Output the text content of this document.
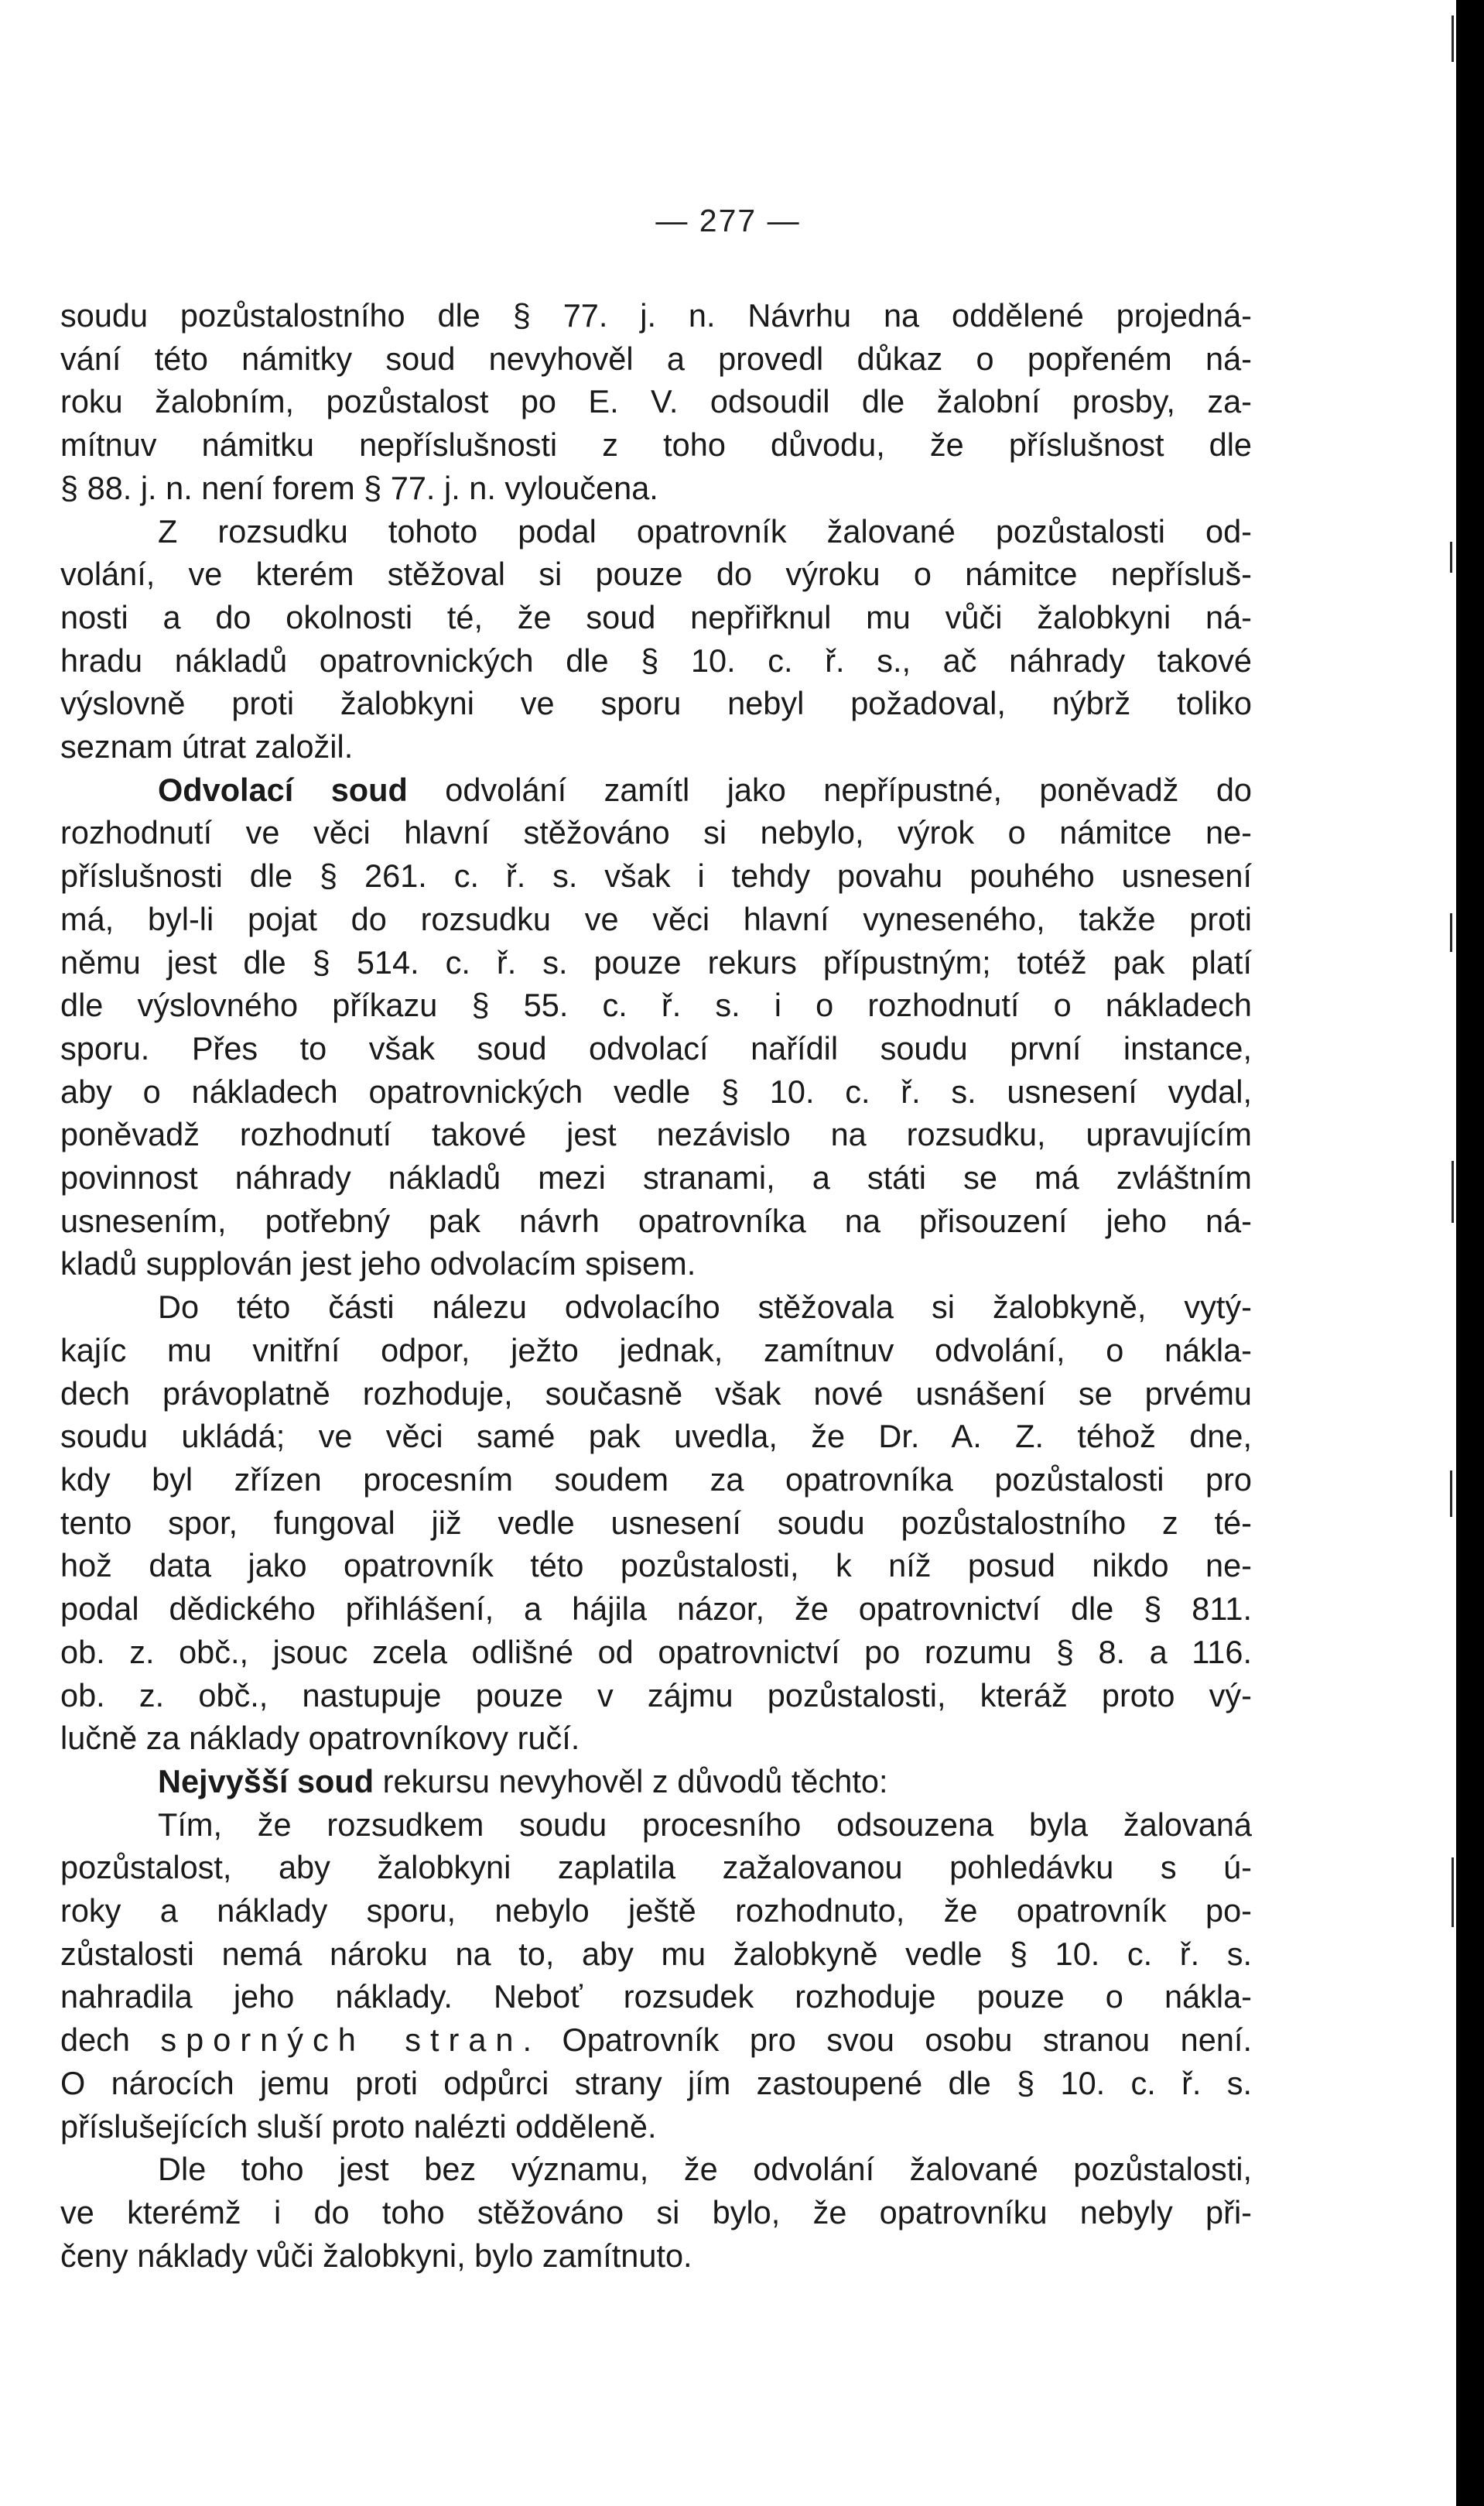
— 277 —
soudu pozůstalostního dle § 77. j. n. Návrhu na oddělené projedná-
vání této námitky soud nevyhověl a provedl důkaz o popřeném ná-
roku žalobním, pozůstalost po E. V. odsoudil dle žalobní prosby, za-
mítnuv námitku nepříslušnosti z toho důvodu, že příslušnost dle
§ 88. j. n. není forem § 77. j. n. vyloučena.
Z rozsudku tohoto podal opatrovník žalované pozůstalosti od-
volání, ve kterém stěžoval si pouze do výroku o námitce nepřísluš-
nosti a do okolnosti té, že soud nepřiřknul mu vůči žalobkyni ná-
hradu nákladů opatrovnických dle § 10. c. ř. s., ač náhrady takové
výslovně proti žalobkyni ve sporu nebyl požadoval, nýbrž toliko
seznam útrat založil.
Odvolací soud odvolání zamítl jako nepřípustné, poněvadž do
rozhodnutí ve věci hlavní stěžováno si nebylo, výrok o námitce ne-
příslušnosti dle § 261. c. ř. s. však i tehdy povahu pouhého usnesení
má, byl-li pojat do rozsudku ve věci hlavní vyneseného, takže proti
němu jest dle § 514. c. ř. s. pouze rekurs přípustným; totéž pak platí
dle výslovného příkazu § 55. c. ř. s. i o rozhodnutí o nákladech
sporu. Přes to však soud odvolací nařídil soudu první instance,
aby o nákladech opatrovnických vedle § 10. c. ř. s. usnesení vydal,
poněvadž rozhodnutí takové jest nezávislo na rozsudku, upravujícím
povinnost náhrady nákladů mezi stranami, a státi se má zvláštním
usnesením, potřebný pak návrh opatrovníka na přisouzení jeho ná-
kladů supplován jest jeho odvolacím spisem.
Do této části nálezu odvolacího stěžovala si žalobkyně, vytý-
kajíc mu vnitřní odpor, ježto jednak, zamítnuv odvolání, o nákla-
dech právoplatně rozhoduje, současně však nové usnášení se prvému
soudu ukládá; ve věci samé pak uvedla, že Dr. A. Z. téhož dne,
kdy byl zřízen procesním soudem za opatrovníka pozůstalosti pro
tento spor, fungoval již vedle usnesení soudu pozůstalostního z té-
hož data jako opatrovník této pozůstalosti, k níž posud nikdo ne-
podal dědického přihlášení, a hájila názor, že opatrovnictví dle § 811.
ob. z. obč., jsouc zcela odlišné od opatrovnictví po rozumu § 8. a 116.
ob. z. obč., nastupuje pouze v zájmu pozůstalosti, kteráž proto vý-
lučně za náklady opatrovníkovy ručí.
Nejvyšší soud rekursu nevyhověl z důvodů těchto:
Tím, že rozsudkem soudu procesního odsouzena byla žalovaná
pozůstalost, aby žalobkyni zaplatila zažalovanou pohledávku s ú-
roky a náklady sporu, nebylo ještě rozhodnuto, že opatrovník po-
zůstalosti nemá nároku na to, aby mu žalobkyně vedle § 10. c. ř. s.
nahradila jeho náklady. Neboť rozsudek rozhoduje pouze o nákla-
dech sporných stran. Opatrovník pro svou osobu stranou není.
O nárocích jemu proti odpůrci strany jím zastoupené dle § 10. c. ř. s.
příslušejících sluší proto nalézti odděleně.
Dle toho jest bez významu, že odvolání žalované pozůstalosti,
ve kterémž i do toho stěžováno si bylo, že opatrovníku nebyly při-
čeny náklady vůči žalobkyni, bylo zamítnuto.
